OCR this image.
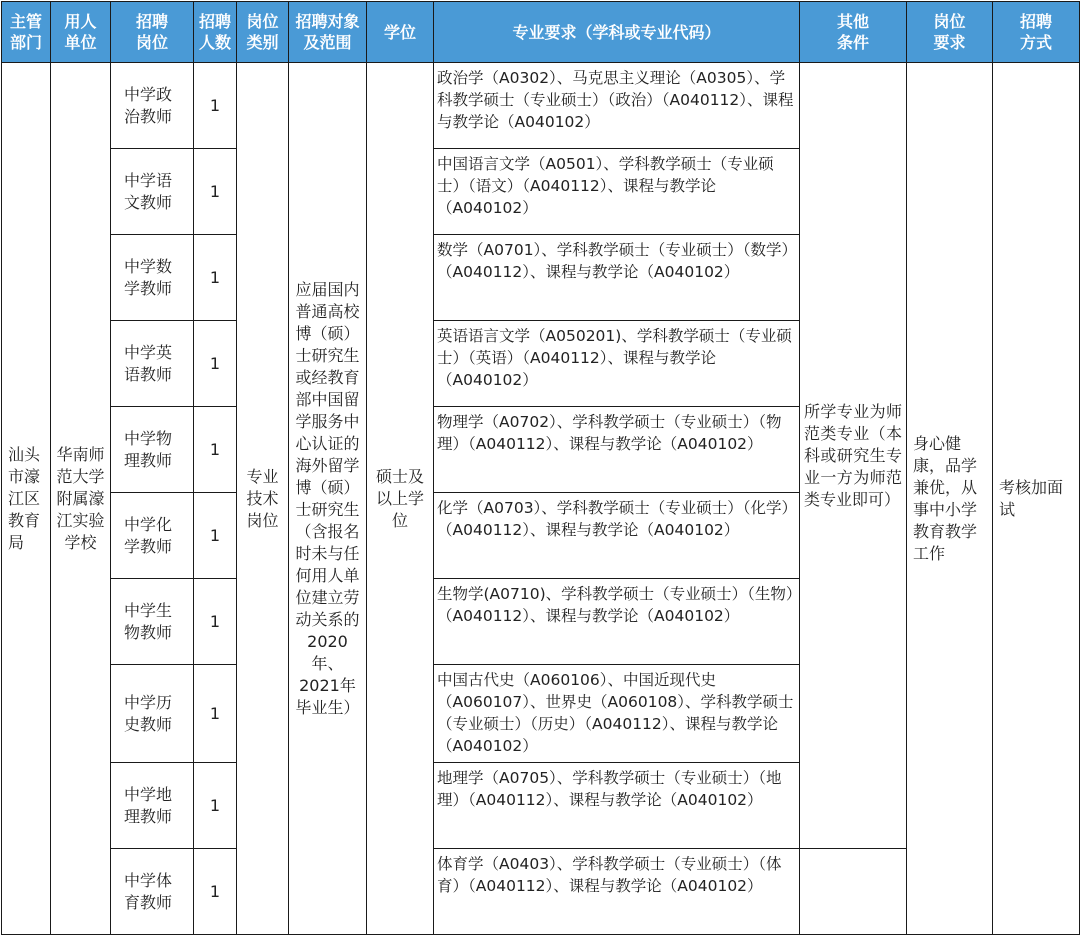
主管部门	用人单位	招聘岗位	招聘人数	岗位类别	招聘对象及范围	学位	专业要求（学科或专业代码）	其他条件	岗位要求	招聘方式
汕头市濠江区教育局	华南师范大学附属濠江实验学校	中学政治教师	1	专业技术岗位	应届国内普通高校博（硕）士研究生或经教育部中国留学服务中心认证的海外留学博（硕）士研究生（含报名时未与任何用人单位建立劳动关系的2020年、2021年毕业生）	硕士及以上学位	政治学（A0302）、马克思主义理论（A0305）、学科教学硕士（专业硕士）（政治）（A040112）、课程与教学论（A040102）	所学专业为师范类专业（本科或研究生专业一方为师范类专业即可）	身心健康，品学兼优，从事中小学教育教学工作	考核加面试
		中学语文教师	1				中国语言文学（A0501）、学科教学硕士（专业硕士）（语文）（A040112）、课程与教学论（A040102）			
		中学数学教师	1				数学（A0701）、学科教学硕士（专业硕士）（数学）（A040112）、课程与教学论（A040102）			
		中学英语教师	1				英语语言文学（A050201)、学科教学硕士（专业硕士）（英语）（A040112）、课程与教学论（A040102）			
		中学物理教师	1				物理学（A0702）、学科教学硕士（专业硕士）（物理）（A040112）、课程与教学论（A040102）			
		中学化学教师	1				化学（A0703）、学科教学硕士（专业硕士）（化学）（A040112）、课程与教学论（A040102）			
		中学生物教师	1				生物学(A0710)、学科教学硕士（专业硕士）（生物）（A040112）、课程与教学论（A040102）			
		中学历史教师	1				中国古代史（A060106）、中国近现代史（A060107）、世界史（A060108）、学科教学硕士（专业硕士）（历史）（A040112）、课程与教学论（A040102）			
		中学地理教师	1				地理学（A0705）、学科教学硕士（专业硕士）（地理）（A040112）、课程与教学论（A040102）			
		中学体育教师	1				体育学（A0403）、学科教学硕士（专业硕士）（体育）（A040112）、课程与教学论（A040102）			
